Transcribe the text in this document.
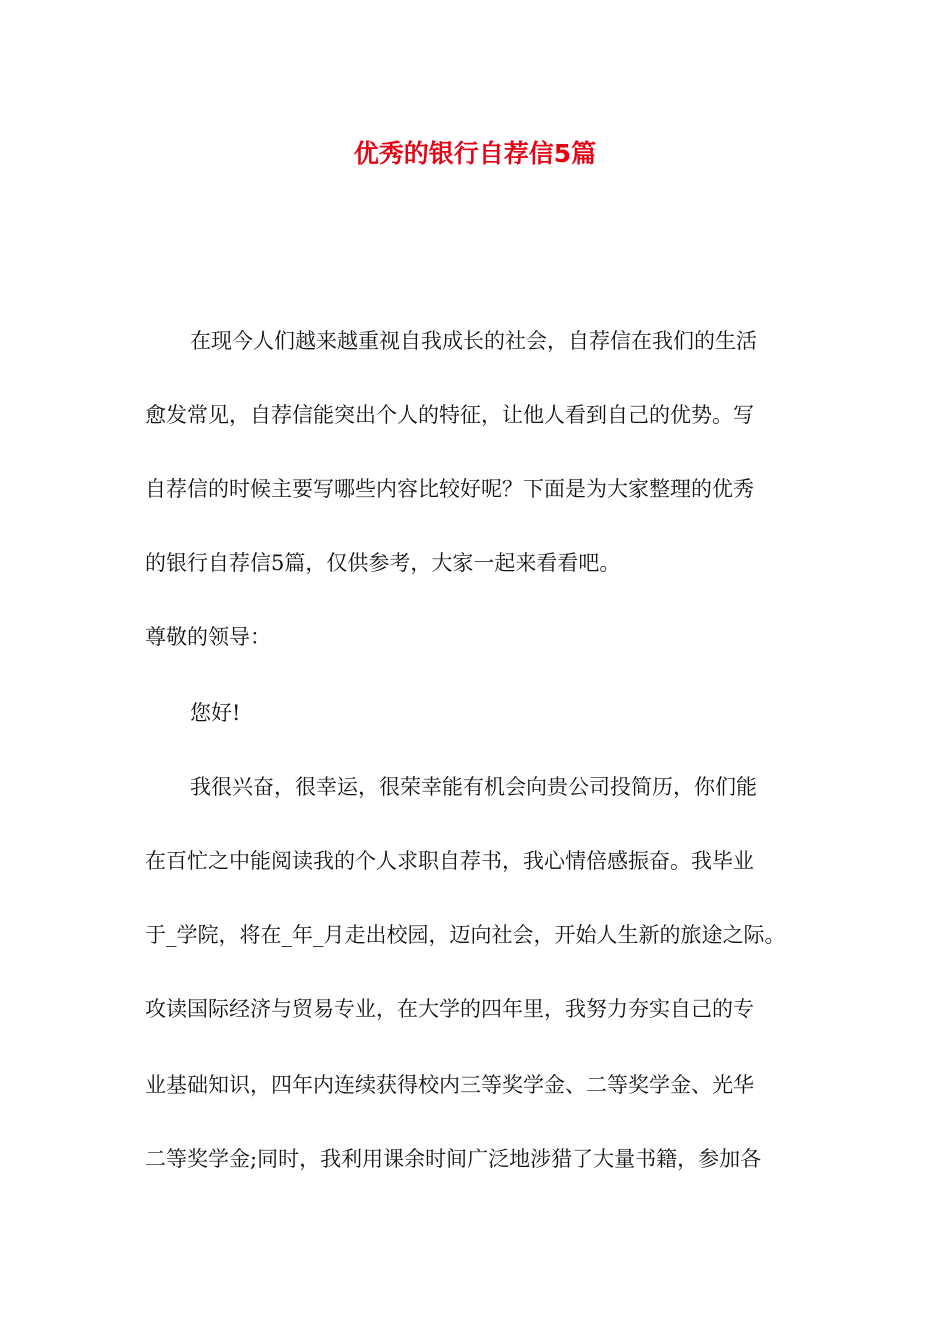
优秀的银行自荐信5篇
在现今人们越来越重视自我成长的社会，自荐信在我们的生活
愈发常见，自荐信能突出个人的特征，让他人看到自己的优势。写
自荐信的时候主要写哪些内容比较好呢？下面是为大家整理的优秀
的银行自荐信5篇，仅供参考，大家一起来看看吧。
尊敬的领导：
您好!
我很兴奋，很幸运，很荣幸能有机会向贵公司投简历，你们能
在百忙之中能阅读我的个人求职自荐书，我心情倍感振奋。我毕业
于_学院，将在_年_月走出校园，迈向社会，开始人生新的旅途之际。
攻读国际经济与贸易专业，在大学的四年里，我努力夯实自己的专
业基础知识，四年内连续获得校内三等奖学金、二等奖学金、光华
二等奖学金;同时，我利用课余时间广泛地涉猎了大量书籍，参加各
